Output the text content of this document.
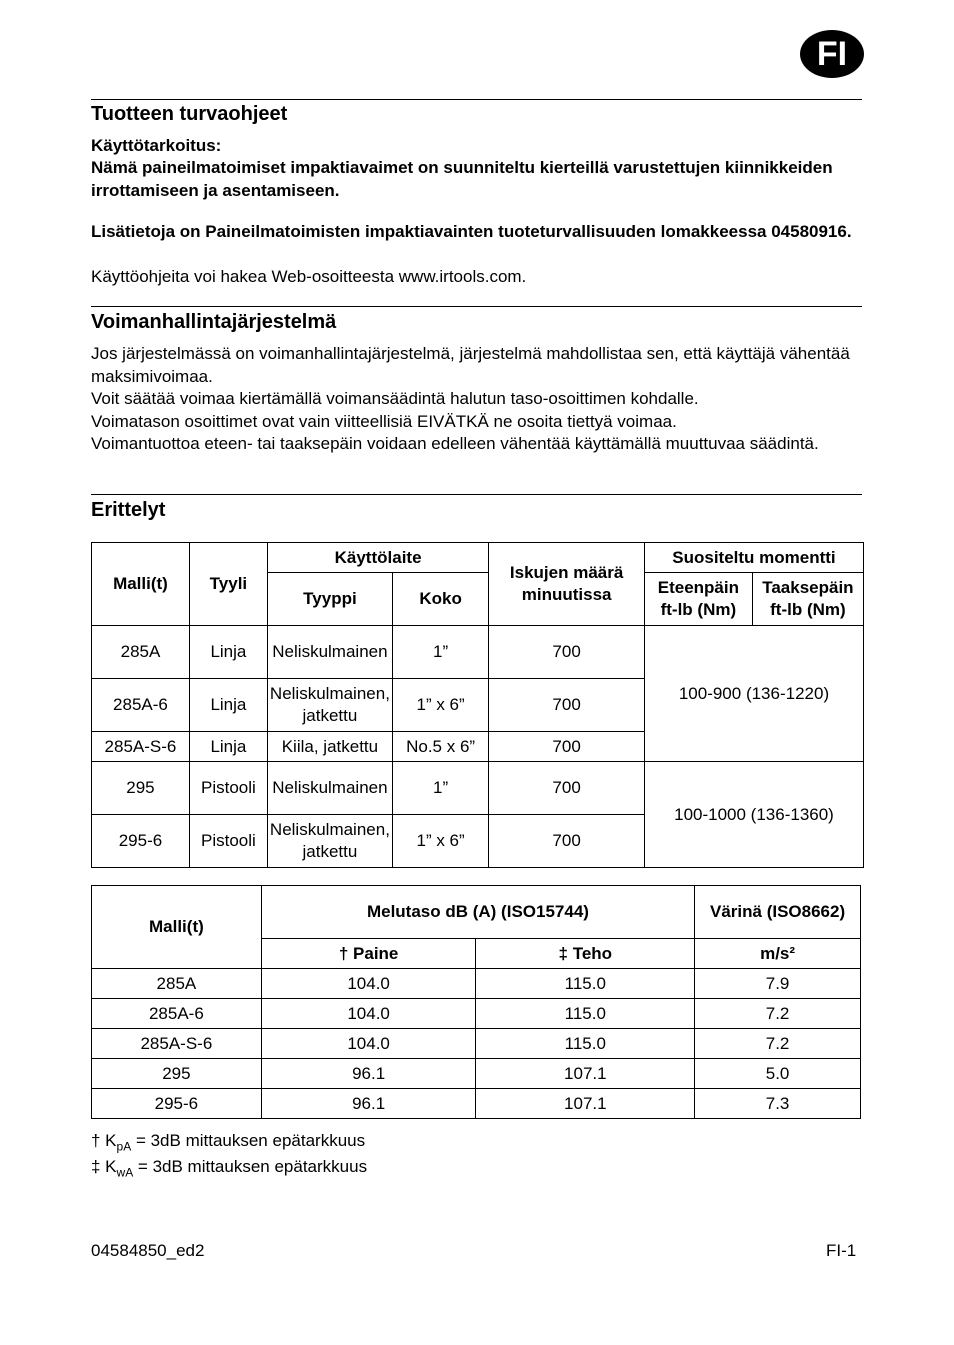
FI
Tuotteen turvaohjeet

Käyttötarkoitus:

Nämä paineilmatoimiset impaktiavaimet on suunniteltu kierteillä varustettujen kiinnikkeiden irrottamiseen ja asentamiseen.

Lisätietoja on Paineilmatoimisten impaktiavainten tuoteturvallisuuden lomakkeessa 04580916.

Käyttöohjeita voi hakea Web-osoitteesta www.irtools.com.

Voimanhallintajärjestelmä
Jos järjestelmässä on voimanhallintajärjestelmä, järjestelmä mahdollistaa sen, että käyttäjä vähentää maksimivoimaa.
Voit säätää voimaa kiertämällä voimansäädintä halutun taso-osoittimen kohdalle.
Voimatason osoittimet ovat vain viitteellisiä EIVÄTKÄ ne osoita tiettyä voimaa.
Voimantuottoa eteen- tai taaksepäin voidaan edelleen vähentää käyttämällä muuttuvaa säädintä.
Erittelyt
Malli(t)	Tyyli	Käyttölaite		Iskujen määrä minuutissa	Suositeltu momentti	
		Tyyppi	Koko		Eteenpäin ft-lb (Nm)	Taaksepäin ft-lb (Nm)
285A	Linja	Neliskulmainen	1”	700	100-900 (136-1220)	
285A-6	Linja	Neliskulmainen, jatkettu	1” x 6”	700		
285A-S-6	Linja	Kiila, jatkettu	No.5 x 6”	700		
295	Pistooli	Neliskulmainen	1”	700	100-1000 (136-1360)	
295-6	Pistooli	Neliskulmainen, jatkettu	1” x 6”	700		
Malli(t)	Melutaso dB (A) (ISO15744)		Värinä (ISO8662)
	† Paine	‡ Teho	m/s²
285A	104.0	115.0	7.9
285A-6	104.0	115.0	7.2
285A-S-6	104.0	115.0	7.2
295	96.1	107.1	5.0
295-6	96.1	107.1	7.3
† $K_{pA} = 3dB$ mittauksen epätarkkuus
‡ $K_{wA} = 3dB$ mittauksen epätarkkuus
04584850_ed2	FI-1
